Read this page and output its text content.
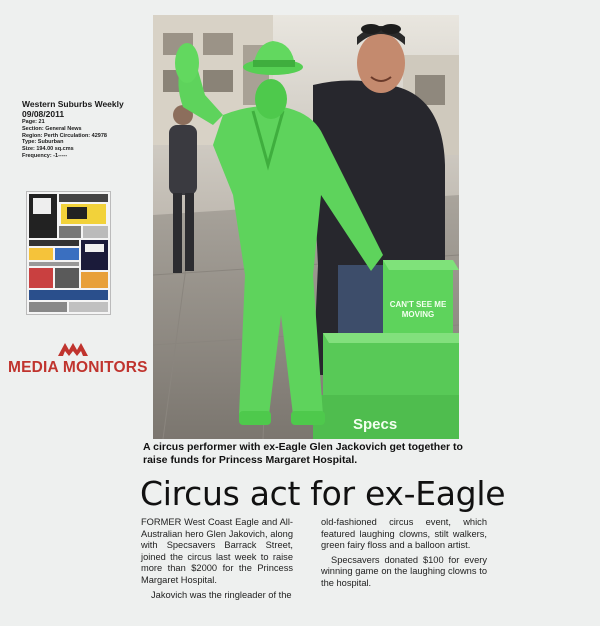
Western Suburbs Weekly

09/08/2011

Page: 21

Section: General News

Region: Perth Circulation: 42978

Type: Suburban

Size: 194.00 sq.cms

Frequency: -1-----

MEDIA MONITORS
CAN'T SEE ME
MOVING
Specs
A circus performer with ex-Eagle Glen Jackovich get together to raise funds for Princess Margaret Hospital.
Circus act for ex-Eagle

FORMER West Coast Eagle and All-Australian hero Glen Jakovich, along with Specsavers Barrack Street, joined the circus last week to raise more than $2000 for the Princess Margaret Hospital.

Jakovich was the ringleader of the

old-fashioned circus event, which featured laughing clowns, stilt walkers, green fairy floss and a balloon artist.

Specsavers donated $100 for every winning game on the laughing clowns to the hospital.
